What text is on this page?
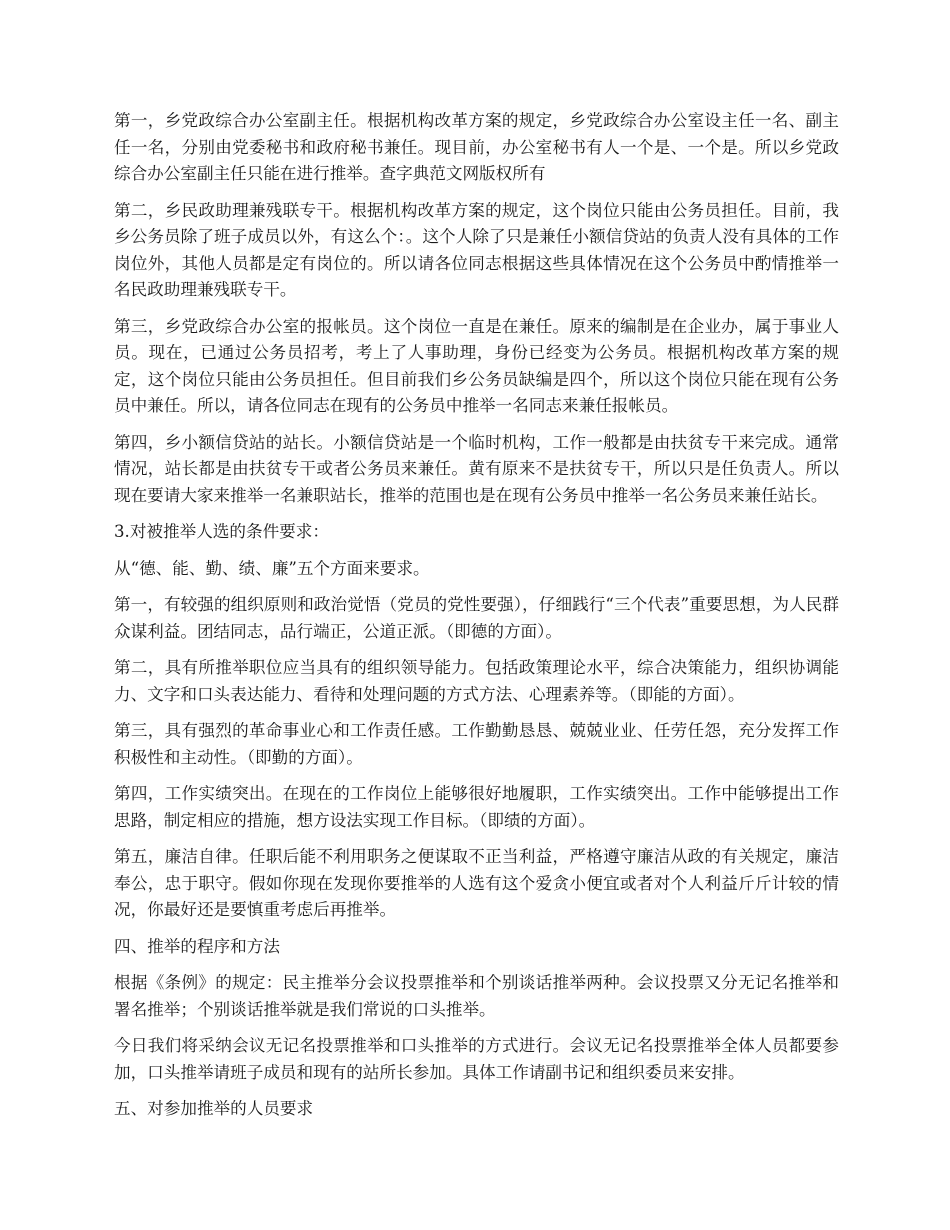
第一，乡党政综合办公室副主任。根据机构改革方案的规定，乡党政综合办公室设主任一名、副主任一名，分别由党委秘书和政府秘书兼任。现目前，办公室秘书有人一个是、一个是。所以乡党政综合办公室副主任只能在进行推举。查字典范文网版权所有

第二，乡民政助理兼残联专干。根据机构改革方案的规定，这个岗位只能由公务员担任。目前，我乡公务员除了班子成员以外，有这么个：。这个人除了只是兼任小额信贷站的负责人没有具体的工作岗位外，其他人员都是定有岗位的。所以请各位同志根据这些具体情况在这个公务员中酌情推举一名民政助理兼残联专干。

第三，乡党政综合办公室的报帐员。这个岗位一直是在兼任。原来的编制是在企业办，属于事业人员。现在，已通过公务员招考，考上了人事助理，身份已经变为公务员。根据机构改革方案的规定，这个岗位只能由公务员担任。但目前我们乡公务员缺编是四个，所以这个岗位只能在现有公务员中兼任。所以，请各位同志在现有的公务员中推举一名同志来兼任报帐员。

第四，乡小额信贷站的站长。小额信贷站是一个临时机构，工作一般都是由扶贫专干来完成。通常情况，站长都是由扶贫专干或者公务员来兼任。黄有原来不是扶贫专干，所以只是任负责人。所以现在要请大家来推举一名兼职站长，推举的范围也是在现有公务员中推举一名公务员来兼任站长。

3.对被推举人选的条件要求：

从“德、能、勤、绩、廉”五个方面来要求。

第一，有较强的组织原则和政治觉悟（党员的党性要强），仔细践行“三个代表”重要思想，为人民群众谋利益。团结同志，品行端正，公道正派。（即德的方面）。

第二，具有所推举职位应当具有的组织领导能力。包括政策理论水平，综合决策能力，组织协调能力、文字和口头表达能力、看待和处理问题的方式方法、心理素养等。（即能的方面）。

第三，具有强烈的革命事业心和工作责任感。工作勤勤恳恳、兢兢业业、任劳任怨，充分发挥工作积极性和主动性。（即勤的方面）。

第四，工作实绩突出。在现在的工作岗位上能够很好地履职，工作实绩突出。工作中能够提出工作思路，制定相应的措施，想方设法实现工作目标。（即绩的方面）。

第五，廉洁自律。任职后能不利用职务之便谋取不正当利益，严格遵守廉洁从政的有关规定，廉洁奉公，忠于职守。假如你现在发现你要推举的人选有这个爱贪小便宜或者对个人利益斤斤计较的情况，你最好还是要慎重考虑后再推举。

四、推举的程序和方法

根据《条例》的规定：民主推举分会议投票推举和个别谈话推举两种。会议投票又分无记名推举和署名推举；个别谈话推举就是我们常说的口头推举。

今日我们将采纳会议无记名投票推举和口头推举的方式进行。会议无记名投票推举全体人员都要参加，口头推举请班子成员和现有的站所长参加。具体工作请副书记和组织委员来安排。

五、对参加推举的人员要求
